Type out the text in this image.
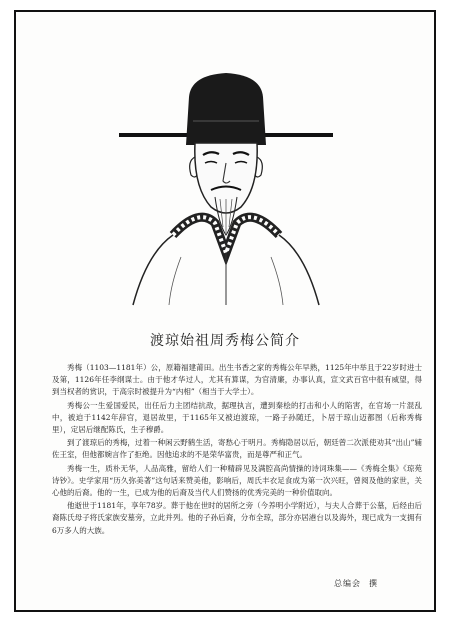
渡琼始祖周秀梅公简介

秀梅（1103—1181年）公，原籍福建莆田。出生书香之家的秀梅公年早熟，1125年中举且于22岁时进士及第，1126年任李纲谋士。由于他才华过人，尤其有算谋，为官清廉，办事认真，宣文武百官中很有威望，得到当权者的赏识，于高宗时被提升为“内相”（相当于大学士）。

秀梅公一生爱国爱民，出任后力主团结抗敌，据理执言，遭到秦桧的打击和小人的陷害，在官场一片混乱中，被迫于1142年辞官，退居故里，于1165年又被迫渡琼，一路子孙随迁，卜居于琼山迈都图（后称秀梅里），定居后继配陈氏，生子穆爵。

到了渡琼后的秀梅，过着一种闲云野鹤生活，寄愁心于明月。秀梅隐居以后，朝廷曾二次派使劝其“出山”辅佐王室，但他都婉言作了拒绝。因他追求的不是荣华富贵，而是尊严和正气。

秀梅一生，质朴无华，人品高雅，留给人们一种精辟见及满腔高尚情操的诗词珠集——《秀梅全集》《琼苑诗钞》。史学家用“历久弥美著”这句话来赞美他，影响后，周氏丰衣足食成为第一次兴旺，曾阅及他的家世，关心他的后裔。他的一生，已成为他的后裔及当代人们赞扬的优秀完美的一种价值取向。

他逝世于1181年，享年78岁。葬于他在世时的居所之旁（今养明小学附近），与夫人合葬于公墓，后经由后裔陈氏母子将氏家族安墓旁，立此并列。他的子孙后裔，分布全琼，部分亦居港台以及海外，现已成为一支拥有6万多人的大族。

总编会 撰
